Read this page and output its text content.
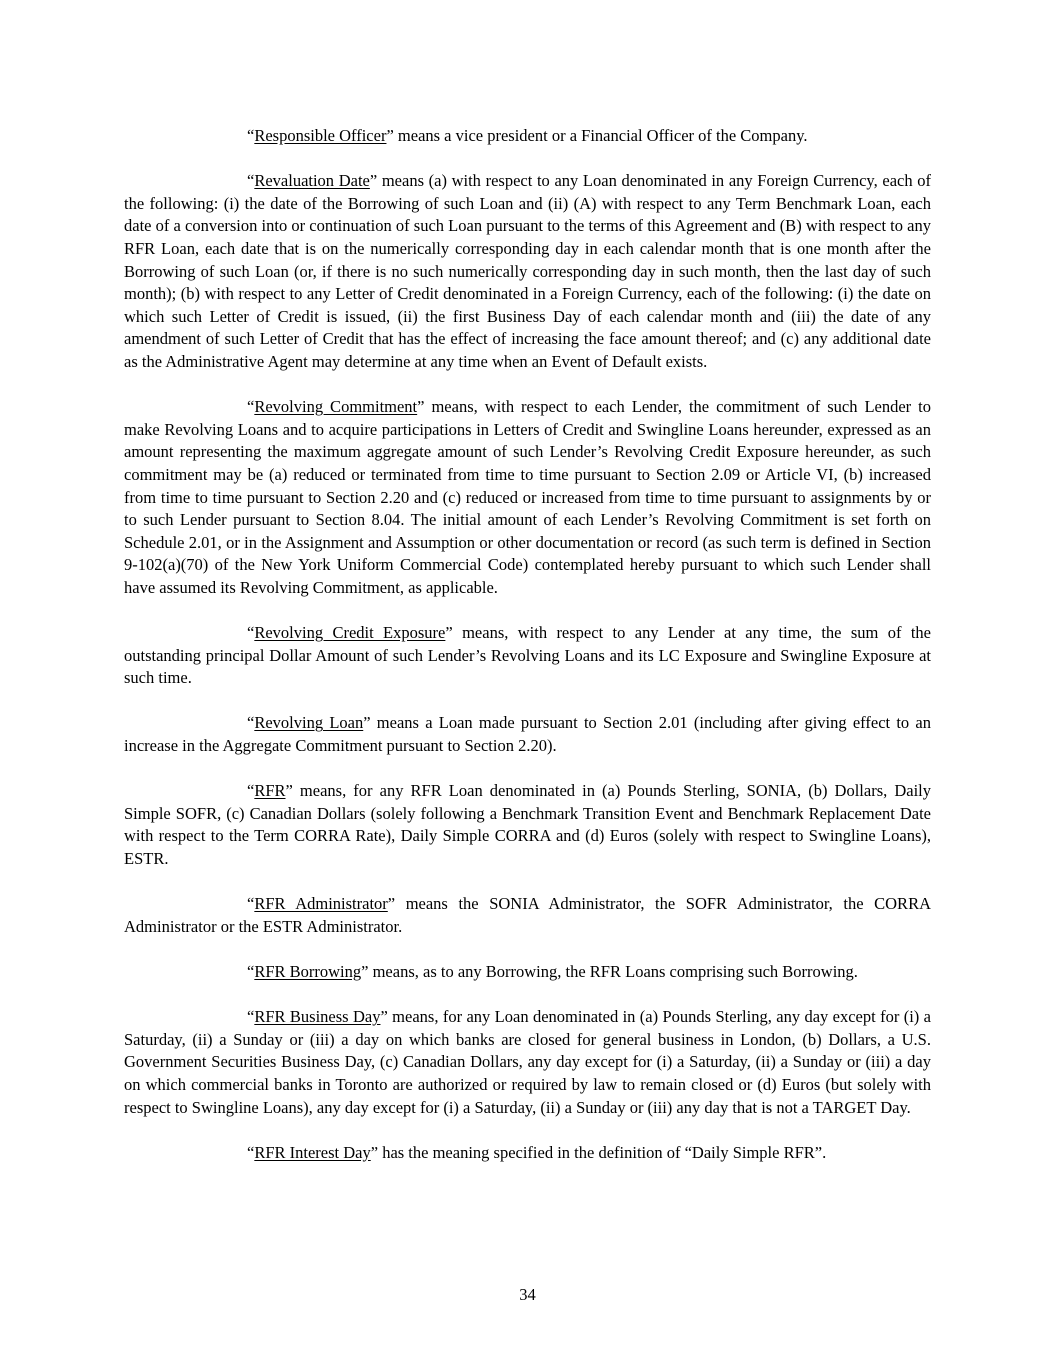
“Responsible Officer” means a vice president or a Financial Officer of the Company.

“Revaluation Date” means (a) with respect to any Loan denominated in any Foreign Currency, each of the following: (i) the date of the Borrowing of such Loan and (ii) (A) with respect to any Term Benchmark Loan, each date of a conversion into or continuation of such Loan pursuant to the terms of this Agreement and (B) with respect to any RFR Loan, each date that is on the numerically corresponding day in each calendar month that is one month after the Borrowing of such Loan (or, if there is no such numerically corresponding day in such month, then the last day of such month); (b) with respect to any Letter of Credit denominated in a Foreign Currency, each of the following: (i) the date on which such Letter of Credit is issued, (ii) the first Business Day of each calendar month and (iii) the date of any amendment of such Letter of Credit that has the effect of increasing the face amount thereof; and (c) any additional date as the Administrative Agent may determine at any time when an Event of Default exists.

“Revolving Commitment” means, with respect to each Lender, the commitment of such Lender to make Revolving Loans and to acquire participations in Letters of Credit and Swingline Loans hereunder, expressed as an amount representing the maximum aggregate amount of such Lender’s Revolving Credit Exposure hereunder, as such commitment may be (a) reduced or terminated from time to time pursuant to Section 2.09 or Article VI, (b) increased from time to time pursuant to Section 2.20 and (c) reduced or increased from time to time pursuant to assignments by or to such Lender pursuant to Section 8.04. The initial amount of each Lender’s Revolving Commitment is set forth on Schedule 2.01, or in the Assignment and Assumption or other documentation or record (as such term is defined in Section 9-102(a)(70) of the New York Uniform Commercial Code) contemplated hereby pursuant to which such Lender shall have assumed its Revolving Commitment, as applicable.

“Revolving Credit Exposure” means, with respect to any Lender at any time, the sum of the outstanding principal Dollar Amount of such Lender’s Revolving Loans and its LC Exposure and Swingline Exposure at such time.

“Revolving Loan” means a Loan made pursuant to Section 2.01 (including after giving effect to an increase in the Aggregate Commitment pursuant to Section 2.20).

“RFR” means, for any RFR Loan denominated in (a) Pounds Sterling, SONIA, (b) Dollars, Daily Simple SOFR, (c) Canadian Dollars (solely following a Benchmark Transition Event and Benchmark Replacement Date with respect to the Term CORRA Rate), Daily Simple CORRA and (d) Euros (solely with respect to Swingline Loans), ESTR.

“RFR Administrator” means the SONIA Administrator, the SOFR Administrator, the CORRA Administrator or the ESTR Administrator.

“RFR Borrowing” means, as to any Borrowing, the RFR Loans comprising such Borrowing.

“RFR Business Day” means, for any Loan denominated in (a) Pounds Sterling, any day except for (i) a Saturday, (ii) a Sunday or (iii) a day on which banks are closed for general business in London, (b) Dollars, a U.S. Government Securities Business Day, (c) Canadian Dollars, any day except for (i) a Saturday, (ii) a Sunday or (iii) a day on which commercial banks in Toronto are authorized or required by law to remain closed or (d) Euros (but solely with respect to Swingline Loans), any day except for (i) a Saturday, (ii) a Sunday or (iii) any day that is not a TARGET Day.

“RFR Interest Day” has the meaning specified in the definition of “Daily Simple RFR”.

34
